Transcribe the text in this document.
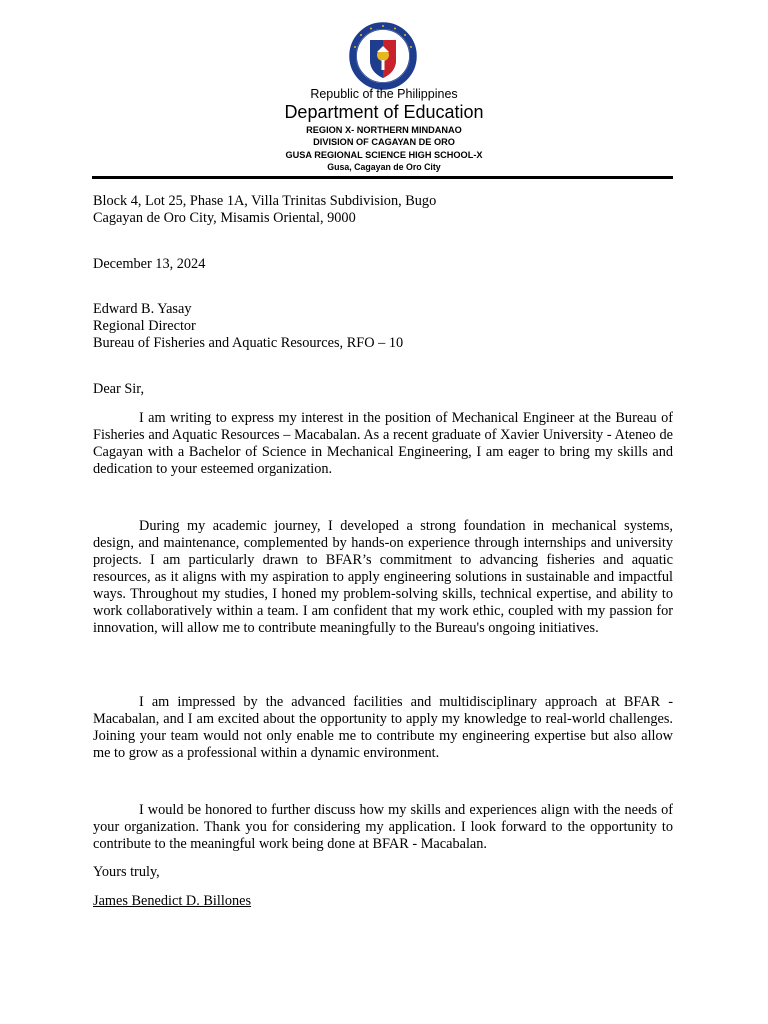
Republic of the Philippines
Department of Education
REGION X- NORTHERN MINDANAO
DIVISION OF CAGAYAN DE ORO
GUSA REGIONAL SCIENCE HIGH SCHOOL-X
Gusa, Cagayan de Oro City
Block 4, Lot 25, Phase 1A, Villa Trinitas Subdivision, Bugo
Cagayan de Oro City, Misamis Oriental, 9000
December 13, 2024
Edward B. Yasay
Regional Director
Bureau of Fisheries and Aquatic Resources, RFO – 10
Dear Sir,
I am writing to express my interest in the position of Mechanical Engineer at the Bureau of Fisheries and Aquatic Resources – Macabalan. As a recent graduate of Xavier University - Ateneo de Cagayan with a Bachelor of Science in Mechanical Engineering, I am eager to bring my skills and dedication to your esteemed organization.
During my academic journey, I developed a strong foundation in mechanical systems, design, and maintenance, complemented by hands-on experience through internships and university projects. I am particularly drawn to BFAR’s commitment to advancing fisheries and aquatic resources, as it aligns with my aspiration to apply engineering solutions in sustainable and impactful ways. Throughout my studies, I honed my problem-solving skills, technical expertise, and ability to work collaboratively within a team. I am confident that my work ethic, coupled with my passion for innovation, will allow me to contribute meaningfully to the Bureau's ongoing initiatives.
I am impressed by the advanced facilities and multidisciplinary approach at BFAR - Macabalan, and I am excited about the opportunity to apply my knowledge to real-world challenges. Joining your team would not only enable me to contribute my engineering expertise but also allow me to grow as a professional within a dynamic environment.
I would be honored to further discuss how my skills and experiences align with the needs of your organization. Thank you for considering my application. I look forward to the opportunity to contribute to the meaningful work being done at BFAR - Macabalan.
Yours truly,
James Benedict D. Billones
